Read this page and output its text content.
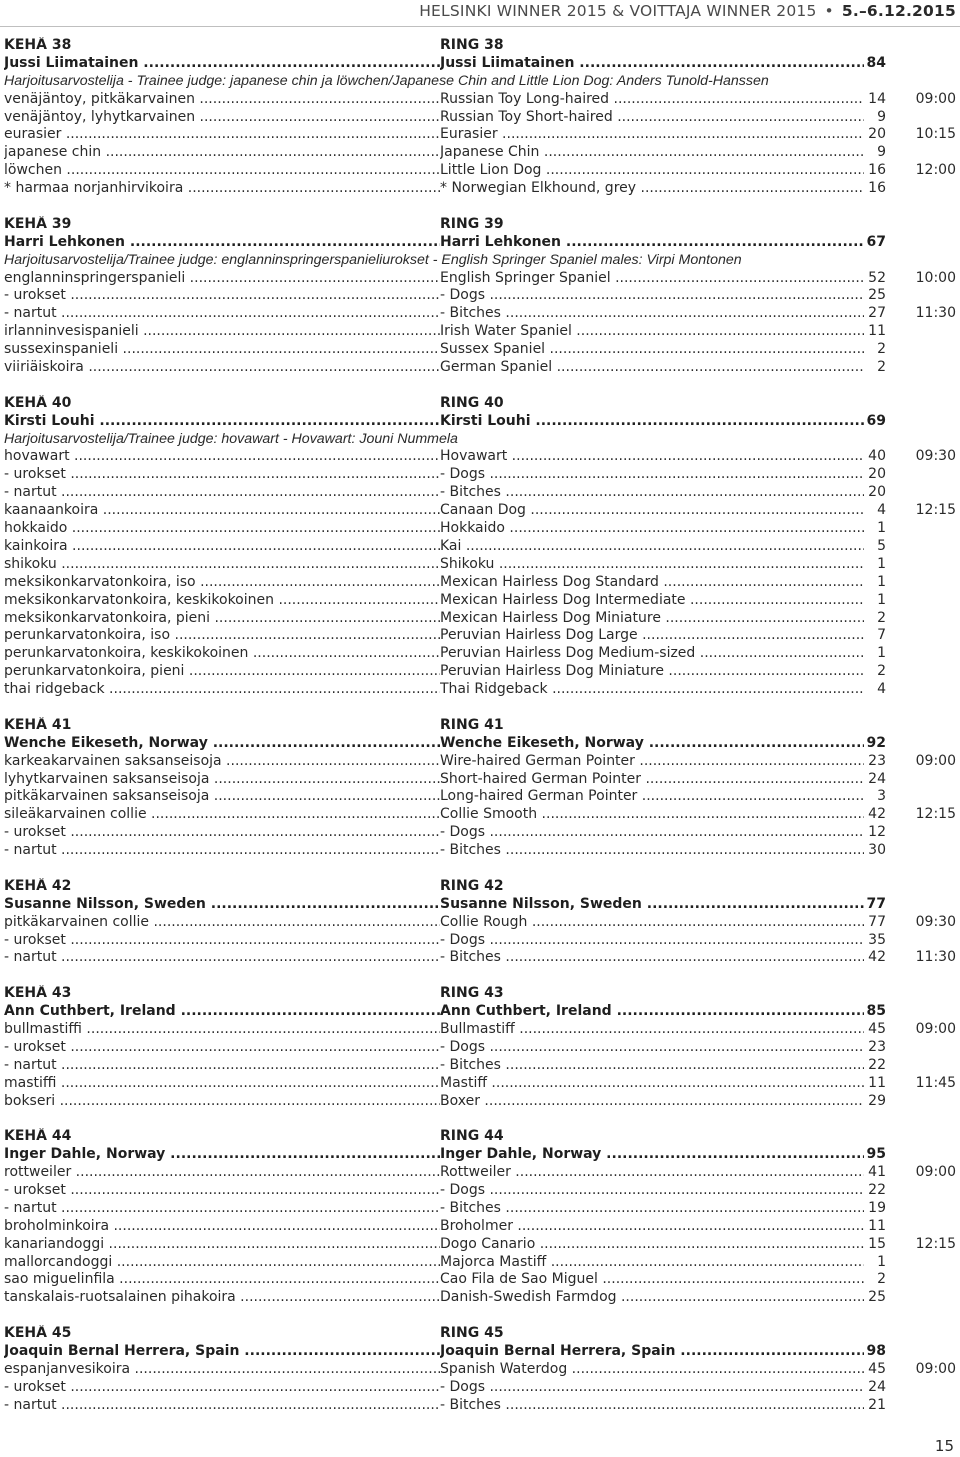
HELSINKI WINNER 2015 & VOITTAJA WINNER 2015 • 5.–6.12.2015
KEHÄ 38	RING 38
Jussi Liimatainen .....	Jussi Liimatainen .....	84
Harjoitusarvostelija - Trainee judge: japanese chin ja löwchen/Japanese Chin and Little Lion Dog: Anders Tunold-Hanssen
venäjäntoy, pitkäkarvainen .....	Russian Toy Long-haired .....	14 09:00
venäjäntoy, lyhytkarvainen .....	Russian Toy Short-haired .....	9
eurasier .....	Eurasier .....	20 10:15
japanese chin .....	Japanese Chin .....	9
löwchen .....	Little Lion Dog .....	16 12:00
* harmaa norjanhirvikoira .....	* Norwegian Elkhound, grey .....	16
KEHÄ 39	RING 39
Harri Lehkonen .....	Harri Lehkonen .....	67
Harjoitusarvostelija/Trainee judge: englanninspringerspanieliurokset - English Springer Spaniel males: Virpi Montonen
englanninspringerspanieli .....	English Springer Spaniel .....	52 10:00
- urokset .....	- Dogs .....	25
- nartut .....	- Bitches .....	27 11:30
irlanninvesispanieli .....	Irish Water Spaniel .....	11
sussexinspanieli .....	Sussex Spaniel .....	2
viiriäiskoira .....	German Spaniel .....	2
KEHÄ 40	RING 40
Kirsti Louhi .....	Kirsti Louhi .....	69
Harjoitusarvostelija/Trainee judge: hovawart - Hovawart: Jouni Nummela
hovawart .....	Hovawart .....	40 09:30
- urokset .....	- Dogs .....	20
- nartut .....	- Bitches .....	20
kaanaankoira .....	Canaan Dog .....	4 12:15
hokkaido .....	Hokkaido .....	1
kainkoira .....	Kai .....	5
shikoku .....	Shikoku .....	1
meksikonkarvatonkoira, iso .....	Mexican Hairless Dog Standard .....	1
meksikonkarvatonkoira, keskikokoinen .....	Mexican Hairless Dog Intermediate .....	1
meksikonkarvatonkoira, pieni .....	Mexican Hairless Dog Miniature .....	2
perunkarvatonkoira, iso .....	Peruvian Hairless Dog Large .....	7
perunkarvatonkoira, keskikokoinen .....	Peruvian Hairless Dog Medium-sized .....	1
perunkarvatonkoira, pieni .....	Peruvian Hairless Dog Miniature .....	2
thai ridgeback .....	Thai Ridgeback .....	4
KEHÄ 41	RING 41
Wenche Eikeseth, Norway .....	Wenche Eikeseth, Norway .....	92
karkeakarvainen saksanseisoja .....	Wire-haired German Pointer .....	23 09:00
lyhytkarvainen saksanseisoja .....	Short-haired German Pointer .....	24
pitkäkarvainen saksanseisoja .....	Long-haired German Pointer .....	3
sileäkarvainen collie .....	Collie Smooth .....	42 12:15
- urokset .....	- Dogs .....	12
- nartut .....	- Bitches .....	30
KEHÄ 42	RING 42
Susanne Nilsson, Sweden .....	Susanne Nilsson, Sweden .....	77
pitkäkarvainen collie .....	Collie Rough .....	77 09:30
- urokset .....	- Dogs .....	35
- nartut .....	- Bitches .....	42 11:30
KEHÄ 43	RING 43
Ann Cuthbert, Ireland .....	Ann Cuthbert, Ireland .....	85
bullmastiffi .....	Bullmastiff .....	45 09:00
- urokset .....	- Dogs .....	23
- nartut .....	- Bitches .....	22
mastiffi .....	Mastiff .....	11 11:45
bokseri .....	Boxer .....	29
KEHÄ 44	RING 44
Inger Dahle, Norway .....	Inger Dahle, Norway .....	95
rottweiler .....	Rottweiler .....	41 09:00
- urokset .....	- Dogs .....	22
- nartut .....	- Bitches .....	19
broholminkoira .....	Broholmer .....	11
kanariandoggi .....	Dogo Canario .....	15 12:15
mallorcandoggi .....	Majorca Mastiff .....	1
sao miguelinfila .....	Cao Fila de Sao Miguel .....	2
tanskalais-ruotsalainen pihakoira .....	Danish-Swedish Farmdog .....	25
KEHÄ 45	RING 45
Joaquin Bernal Herrera, Spain .....	Joaquin Bernal Herrera, Spain .....	98
espanjanvesikoira .....	Spanish Waterdog .....	45 09:00
- urokset .....	- Dogs .....	24
- nartut .....	- Bitches .....	21
15
